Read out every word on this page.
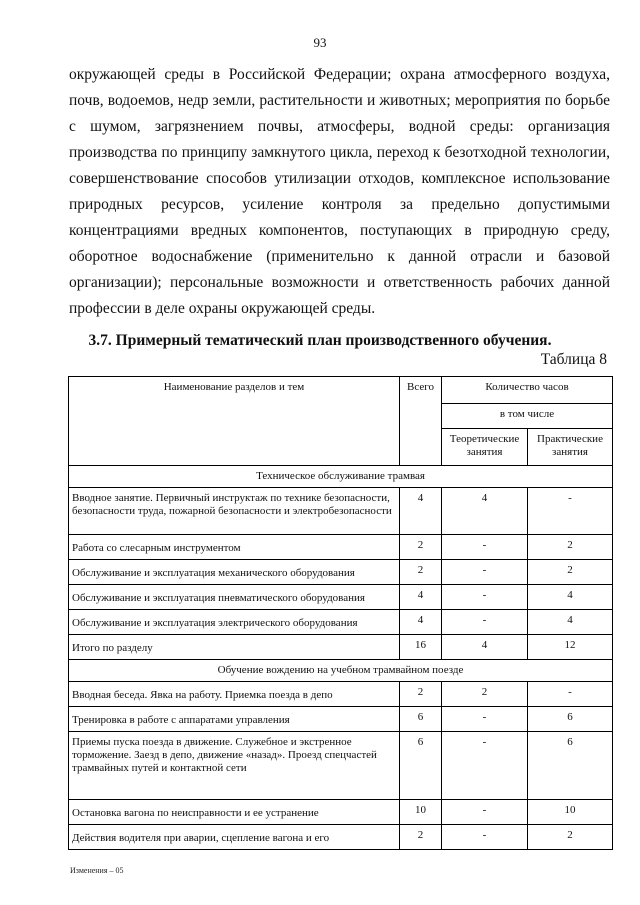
93

окружающей среды в Российской Федерации; охрана атмосферного воздуха, почв, водоемов, недр земли, растительности и животных; мероприятия по борьбе с шумом, загрязнением почвы, атмосферы, водной среды: организация производства по принципу замкнутого цикла, переход к безотходной технологии, совершенствование способов утилизации отходов, комплексное использование природных ресурсов, усиление контроля за предельно допустимыми концентрациями вредных компонентов, поступающих в природную среду, оборотное водоснабжение (применительно к данной отрасли и базовой организации); персональные возможности и ответственность рабочих данной профессии в деле охраны окружающей среды.

3.7. Примерный тематический план производственного обучения.
Таблица 8
Наименование разделов и тем	Всего	Количество часов	
		в том числе	
		Теоретические занятия	Практические занятия
Техническое обслуживание трамвая			
Вводное занятие. Первичный инструктаж по технике безопасности, безопасности труда, пожарной безопасности и электробезопасности	4	4	-
Работа со слесарным инструментом	2	-	2
Обслуживание и эксплуатация механического оборудования	2	-	2
Обслуживание и эксплуатация пневматического оборудования	4	-	4
Обслуживание и эксплуатация электрического оборудования	4	-	4
Итого по разделу	16	4	12
Обучение вождению на учебном трамвайном поезде			
Вводная беседа. Явка на работу. Приемка поезда в депо	2	2	-
Тренировка в работе с аппаратами управления	6	-	6
Приемы пуска поезда в движение. Служебное и экстренное торможение. Заезд в депо, движение «назад». Проезд спецчастей трамвайных путей и контактной сети	6	-	6
Остановка вагона по неисправности и ее устранение	10	-	10
Действия водителя при аварии, сцепление вагона и его	2	-	2
Изменения – 05
